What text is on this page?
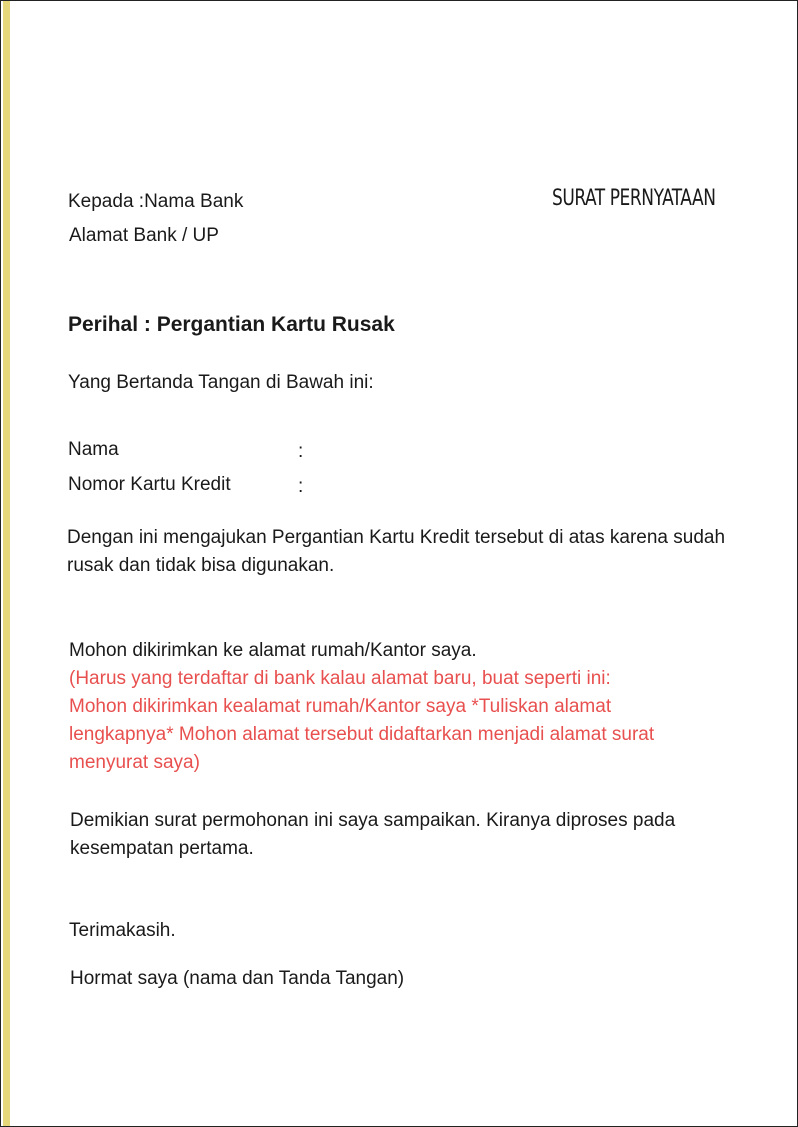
Kepada :Nama Bank
Alamat Bank / UP
SURAT PERNYATAAN
Perihal : Pergantian Kartu Rusak
Yang Bertanda Tangan di Bawah ini:
Nama	:
Nomor Kartu Kredit	:
Dengan ini mengajukan Pergantian Kartu Kredit tersebut di atas karena sudah rusak dan tidak bisa digunakan.
Mohon dikirimkan ke alamat rumah/Kantor saya.
(Harus yang terdaftar di bank kalau alamat baru, buat seperti ini:
Mohon dikirimkan kealamat rumah/Kantor saya *Tuliskan alamat
lengkapnya* Mohon alamat tersebut didaftarkan menjadi alamat surat
menyurat saya)
Demikian surat permohonan ini saya sampaikan. Kiranya diproses pada kesempatan pertama.
Terimakasih.
Hormat saya (nama dan Tanda Tangan)
